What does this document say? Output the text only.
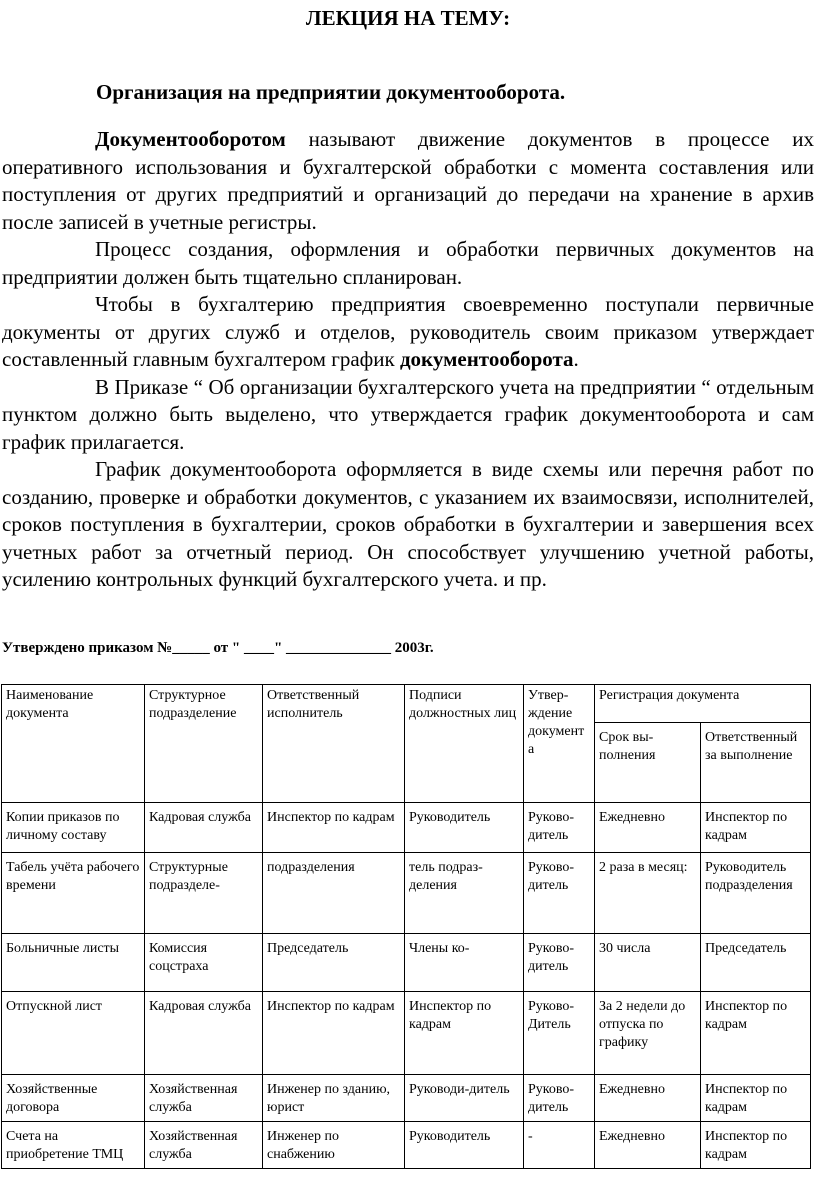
ЛЕКЦИЯ НА ТЕМУ:
Организация на предприятии документооборота.

Документооборотом называют движение документов в процессе их оперативного использования и бухгалтерской обработки с момента составления или поступления от других предприятий и организаций до передачи на хранение в архив после записей в учетные регистры.

Процесс создания, оформления и обработки первичных документов на предприятии должен быть тщательно спланирован.

Чтобы в бухгалтерию предприятия своевременно поступали первичные документы от других служб и отделов, руководитель своим приказом утверждает составленный главным бухгалтером график документооборота.

В Приказе “ Об организации бухгалтерского учета на предприятии “ отдельным пунктом должно быть выделено, что утверждается график документооборота и сам график прилагается.

График документооборота оформляется в виде схемы или перечня работ по созданию, проверке и обработки документов, с указанием их взаимосвязи, исполнителей, сроков поступления в бухгалтерии, сроков обработки в бухгалтерии и завершения всех учетных работ за отчетный период. Он способствует улучшению учетной работы, усилению контрольных функций бухгалтерского учета. и пр.

Утверждено приказом №_____ от " ____" ______________ 2003г.
Наименование документа	Структурное подразделение	Ответственный исполнитель	Подписи должностных лиц	Утвер-ждение документ а	Регистрация документа	
					Срок вы-полнения	Ответственный за выполнение
Копии приказов по личному составу	Кадровая служба	Инспектор по кадрам	Руководитель	Руково-дитель	Ежедневно	Инспектор по кадрам
Табель учёта рабочего времени	Структурные подразделе-	подразделения	тель подраз-деления	Руково-дитель	2 раза в месяц:	Руководитель подразделения
Больничные листы	Комиссия соцстраха	Председатель	Члены ко-	Руково-дитель	30 числа	Председатель
Отпускной лист	Кадровая служба	Инспектор по кадрам	Инспектор по кадрам	Руково-Дитель	За 2 недели до отпуска по графику	Инспектор по кадрам
Хозяйственные договора	Хозяйственная служба	Инженер по зданию, юрист	Руководи-дитель	Руково-дитель	Ежедневно	Инспектор по кадрам
Счета на приобретение ТМЦ	Хозяйственная служба	Инженер по снабжению	Руководитель	-	Ежедневно	Инспектор по кадрам
